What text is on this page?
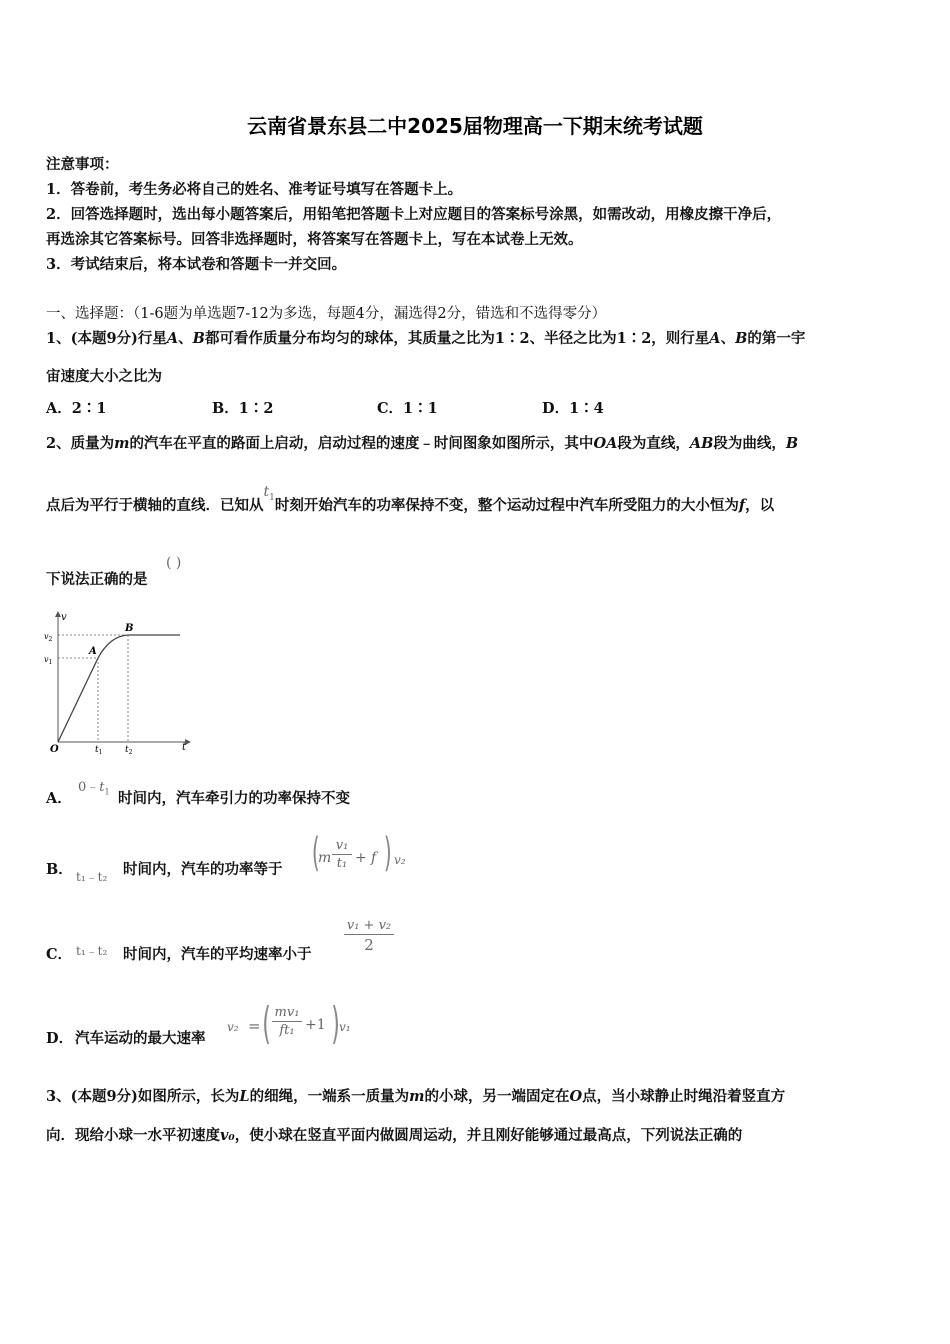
云南省景东县二中2025届物理高一下期末统考试题
注意事项：
1．答卷前，考生务必将自己的姓名、准考证号填写在答题卡上。
2．回答选择题时，选出每小题答案后，用铅笔把答题卡上对应题目的答案标号涂黑，如需改动，用橡皮擦干净后，
再选涂其它答案标号。回答非选择题时，将答案写在答题卡上，写在本试卷上无效。
3．考试结束后，将本试卷和答题卡一并交回。
一、选择题：（1-6题为单选题7-12为多选，每题4分，漏选得2分，错选和不选得零分）
1、(本题9分)行星A、B都可看作质量分布均匀的球体，其质量之比为1∶2、半径之比为1∶2，则行星A、B的第一宇
宙速度大小之比为
A．2∶1	B．1∶2	C．1∶1	D．1∶4
2、质量为m的汽车在平直的路面上启动，启动过程的速度﹣时间图象如图所示，其中OA段为直线，AB段为曲线，B
点后为平行于横轴的直线．已知从$t_1$时刻开始汽车的功率保持不变，整个运动过程中汽车所受阻力的大小恒为f，以
下说法正确的是
( )
v
t
O
$v_1$
$v_2$
$t_1$	$t_2$
A
B
A．
$0﹣t_1$ 时间内，汽车牵引力的功率保持不变
B． t₁﹣t₂ 时间内，汽车的功率等于 (
m
v₁
t₁ + f ) v₂
C． t₁﹣t₂ 时间内，汽车的平均速率小于
v₁ + v₂
2
D． 汽车运动的最大速率
v₂ = ( mv₁
ft₁ +1 ) v₁
3、(本题9分)如图所示，长为L的细绳，一端系一质量为m的小球，另一端固定在O点，当小球静止时绳沿着竖直方
向．现给小球一水平初速度v₀，使小球在竖直平面内做圆周运动，并且刚好能够通过最高点，下列说法正确的
